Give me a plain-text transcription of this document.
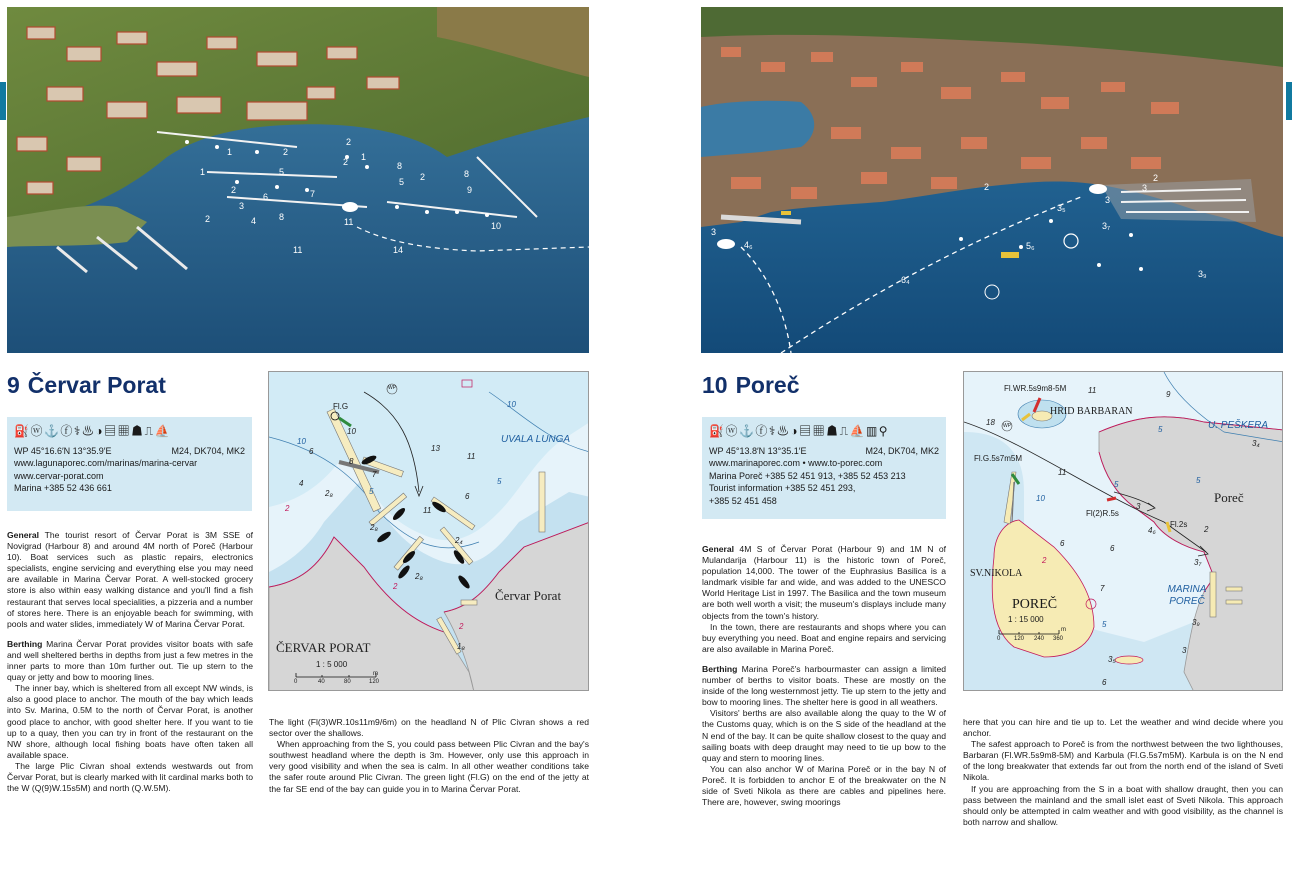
1
1
2
2
2
3
2	4
5
6	7
2
8
1
14
5
8
2	8
9
10
11
11
9 Červar Porat
⛽ⓦ⚓ⓕ⚕♨◑▤▦☗⎍⛵
WP 45°16.6′N 13°35.9′E	M24, DK704, MK2
www.lagunaporec.com/marinas/marina-cervar
www.cervar-porat.com
Marina +385 52 436 661

General The tourist resort of Červar Porat is 3M SSE of Novigrad (Harbour 8) and around 4M north of Poreč (Harbour 10). Boat services such as plastic repairs, electronics specialists, engine servicing and everything else you may need are available in Marina Červar Porat. A well-stocked grocery store is also within easy walking distance and you'll find a fish restaurant that serves local specialities, a pizzeria and a number of stores here. There is an enjoyable beach for swimming, with pools and water slides, immediately W of Marina Červar Porat.

Berthing Marina Červar Porat provides visitor boats with safe and well sheltered berths in depths from just a few metres in the inner parts to more than 10m further out. Tie up stern to the quay or jetty and bow to mooring lines.

The inner bay, which is sheltered from all except NW winds, is also a good place to anchor. The mouth of the bay which leads into Sv. Marina, 0.5M to the north of Červar Porat, is another good place to anchor, with good shelter here. If you want to tie up to a quay, then you can try in front of the restaurant on the NW shore, although local fishing boats have often taken all available space.

The large Plic Civran shoal extends westwards out from Červar Porat, but is clearly marked with lit cardinal marks both to the W (Q(9)W.15s5M) and north (Q.W.5M).

Fl.G
UVALA LUNGA
Červar Porat
ČERVAR PORAT
1 : 5 000
0	40	80	120
m
WP
10
6
10
8
13
11
10
7
4	5
2₈	5
2
6
11
2₈
2₄
2₈
2
1₈
2

The light (Fl(3)WR.10s11m9/6m) on the headland N of Plic Civran shows a red sector over the shallows.

When approaching from the S, you could pass between Plic Civran and the bay's southwest headland where the depth is 3m. However, only use this approach in very good visibility and when the sea is calm. In all other weather conditions take the safer route around Plic Civran. The green light (Fl.G) on the end of the jetty at the far SE end of the bay can guide you in to Marina Červar Porat.

2
3
3
3
3₅
3₇
3₉
4₆	5₆
6₄
2
10 Poreč
⛽ⓦ⚓ⓕ⚕♨◑▤▦☗⎍⛵▥⚲
WP 45°13.8′N 13°35.1′E	M24, DK704, MK2
www.marinaporec.com • www.to-porec.com
Marina Poreč +385 52 451 913, +385 52 453 213
Tourist information +385 52 451 293,
+385 52 451 458

General 4M S of Červar Porat (Harbour 9) and 1M N of Mulandarija (Harbour 11) is the historic town of Poreč, population 14,000. The tower of the Euphrasius Basilica is a landmark visible far and wide, and was added to the UNESCO World Heritage List in 1997. The Basilica and the town museum are both well worth a visit; the museum's displays include many objects from the town's history.

In the town, there are restaurants and shops where you can buy everything you need. Boat and engine repairs and servicing are also available in Marina Poreč.

Berthing Marina Poreč's harbourmaster can assign a limited number of berths to visitor boats. These are mostly on the inside of the long westernmost jetty. Tie up stern to the jetty and bow to mooring lines. The shelter here is good in all weathers.

Visitors' berths are also available along the quay to the W of the Customs quay, which is on the S side of the headland at the N end of the bay. It can be quite shallow closest to the quay and sailing boats with deep draught may need to tie up bow to the quay and stern to mooring lines.

You can also anchor W of Marina Poreč or in the bay N of Poreč. It is forbidden to anchor E of the breakwater on the N side of Sveti Nikola as there are cables and pipelines here. There are, however, swing moorings

Fl.WR.5s9m8-5M
HRID BARBARAN
U. PEŠKERA
Fl.G.5s7m5M
Poreč
Fl(2)R.5s
Fl.2s
SV.NIKOLA
POREČ
MARINA POREČ
1 : 15 000
0 120 240 360
m
WP
11	9
18
5
3₄
11
10
5
6
6
3
4₆	2
3₇
7
3₉
3
3₅
6
5
2
5

here that you can hire and tie up to. Let the weather and wind decide where you anchor.

The safest approach to Poreč is from the northwest between the two lighthouses, Barbaran (Fl.WR.5s9m8-5M) and Karbula (Fl.G.5s7m5M). Karbula is on the N end of the long breakwater that extends far out from the north end of the island of Sveti Nikola.

If you are approaching from the S in a boat with shallow draught, then you can pass between the mainland and the small islet east of Sveti Nikola. This approach should only be attempted in calm weather and with good visibility, as the channel is both narrow and shallow.
